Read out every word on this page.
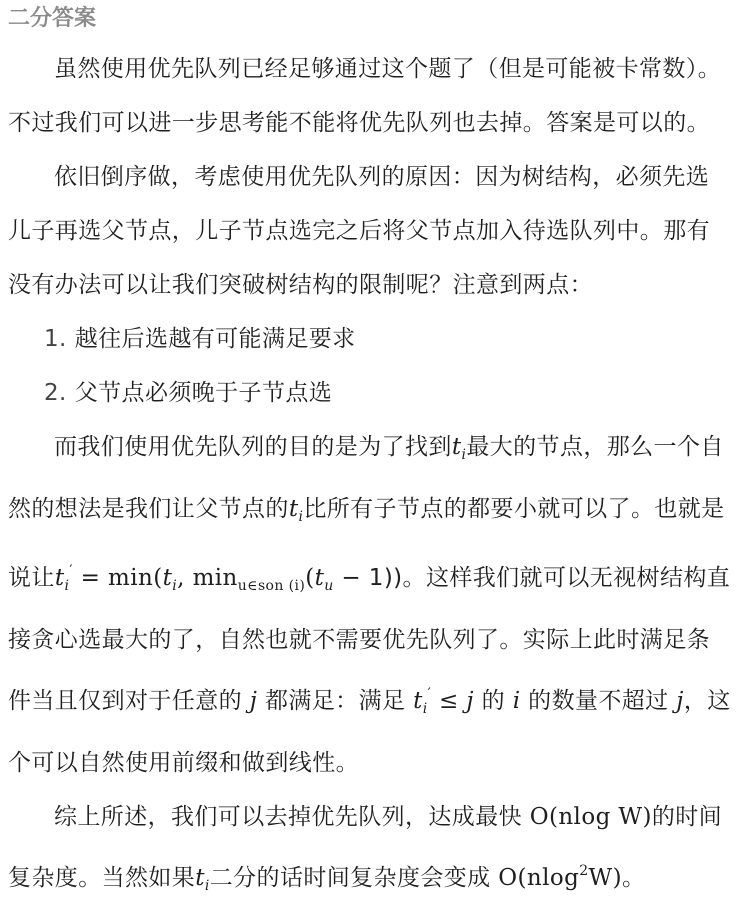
二分答案

虽然使用优先队列已经足够通过这个题了（但是可能被卡常数）。不过我们可以进一步思考能不能将优先队列也去掉。答案是可以的。

依旧倒序做，考虑使用优先队列的原因：因为树结构，必须先选儿子再选父节点，儿子节点选完之后将父节点加入待选队列中。那有没有办法可以让我们突破树结构的限制呢？注意到两点：

1. 越往后选越有可能满足要求
2. 父节点必须晚于子节点选

而我们使用优先队列的目的是为了找到$t_i$最大的节点，那么一个自然的想法是我们让父节点的$t_i$比所有子节点的都要小就可以了。也就是说让$t_i' = \min(t_i$, $\min_{u\in son (i)}(t_u - 1)$)。这样我们就可以无视树结构直接贪心选最大的了，自然也就不需要优先队列了。实际上此时满足条件当且仅到对于任意的 j 都满足：满足 $t_i' \le j$ 的 i 的数量不超过 j，这个可以自然使用前缀和做到线性。

综上所述，我们可以去掉优先队列，达成最快 O(nlog W)的时间复杂度。当然如果$t_i$二分的话时间复杂度会变成 O(nlog$^2$W)。
